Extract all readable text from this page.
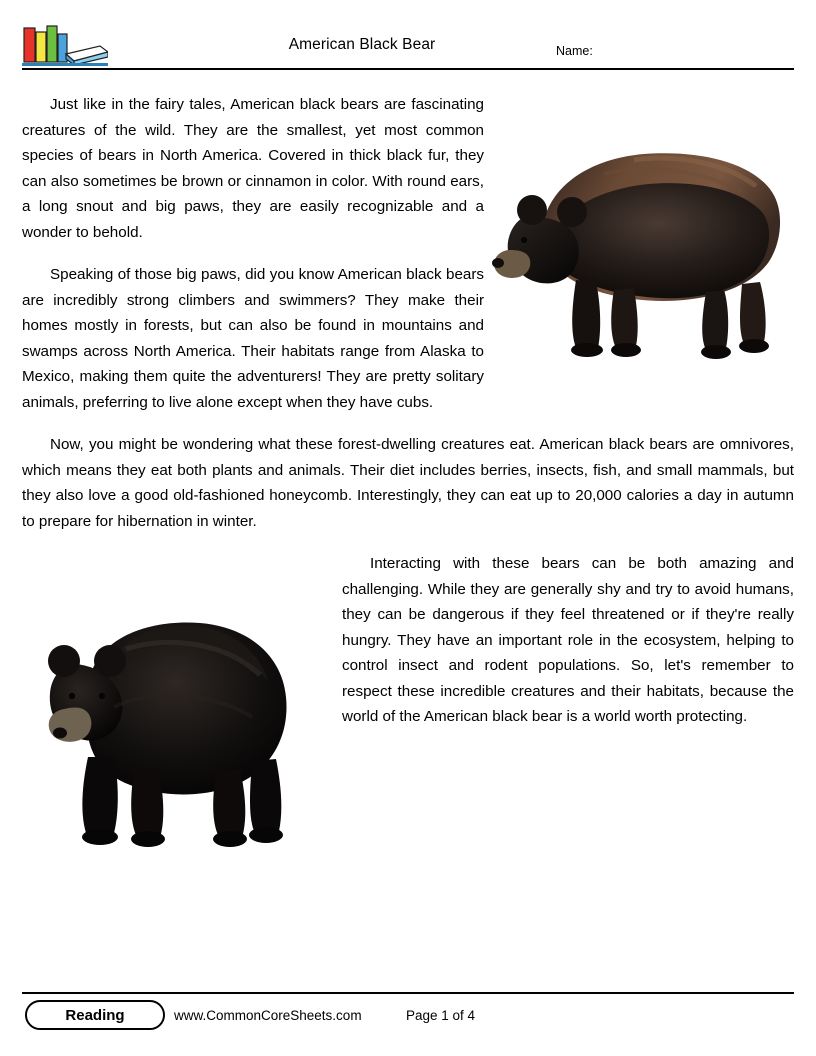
American Black Bear	Name:

Just like in the fairy tales, American black bears are fascinating creatures of the wild. They are the smallest, yet most common species of bears in North America. Covered in thick black fur, they can also sometimes be brown or cinnamon in color. With round ears, a long snout and big paws, they are easily recognizable and a wonder to behold.

Speaking of those big paws, did you know American black bears are incredibly strong climbers and swimmers? They make their homes mostly in forests, but can also be found in mountains and swamps across North America. Their habitats range from Alaska to Mexico, making them quite the adventurers! They are pretty solitary animals, preferring to live alone except when they have cubs.

Now, you might be wondering what these forest-dwelling creatures eat. American black bears are omnivores, which means they eat both plants and animals. Their diet includes berries, insects, fish, and small mammals, but they also love a good old-fashioned honeycomb. Interestingly, they can eat up to 20,000 calories a day in autumn to prepare for hibernation in winter.

Interacting with these bears can be both amazing and challenging. While they are generally shy and try to avoid humans, they can be dangerous if they feel threatened or if they're really hungry. They have an important role in the ecosystem, helping to control insect and rodent populations. So, let's remember to respect these incredible creatures and their habitats, because the world of the American black bear is a world worth protecting.

Reading	www.CommonCoreSheets.com	Page 1 of 4
